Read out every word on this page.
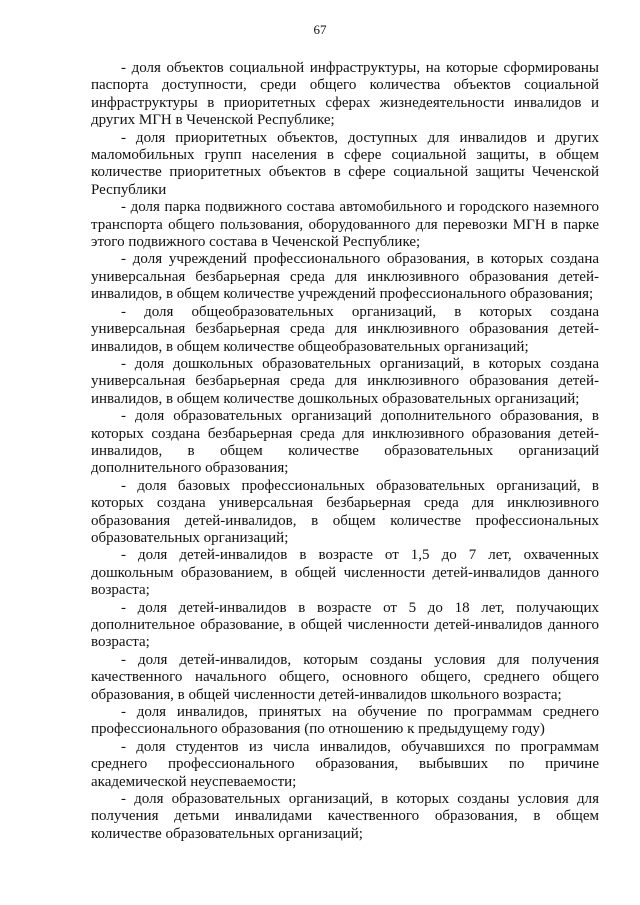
67

- доля объектов социальной инфраструктуры, на которые сформированы паспорта доступности, среди общего количества объектов социальной инфраструктуры в приоритетных сферах жизнедеятельности инвалидов и других МГН в Чеченской Республике;

- доля приоритетных объектов, доступных для инвалидов и других маломобильных групп населения в сфере социальной защиты, в общем количестве приоритетных объектов в сфере социальной защиты Чеченской Республики

- доля парка подвижного состава автомобильного и городского наземного транспорта общего пользования, оборудованного для перевозки МГН в парке этого подвижного состава в Чеченской Республике;

- доля учреждений профессионального образования, в которых создана универсальная безбарьерная среда для инклюзивного образования детей-инвалидов, в общем количестве учреждений профессионального образования;

- доля общеобразовательных организаций, в которых создана универсальная безбарьерная среда для инклюзивного образования детей-инвалидов, в общем количестве общеобразовательных организаций;

- доля дошкольных образовательных организаций, в которых создана универсальная безбарьерная среда для инклюзивного образования детей-инвалидов, в общем количестве дошкольных образовательных организаций;

- доля образовательных организаций дополнительного образования, в которых создана безбарьерная среда для инклюзивного образования детей-инвалидов, в общем количестве образовательных организаций дополнительного образования;

- доля базовых профессиональных образовательных организаций, в которых создана универсальная безбарьерная среда для инклюзивного образования детей-инвалидов, в общем количестве профессиональных образовательных организаций;

- доля детей-инвалидов в возрасте от 1,5 до 7 лет, охваченных дошкольным образованием, в общей численности детей-инвалидов данного возраста;

- доля детей-инвалидов в возрасте от 5 до 18 лет, получающих дополнительное образование, в общей численности детей-инвалидов данного возраста;

- доля детей-инвалидов, которым созданы условия для получения качественного начального общего, основного общего, среднего общего образования, в общей численности детей-инвалидов школьного возраста;

- доля инвалидов, принятых на обучение по программам среднего профессионального образования (по отношению к предыдущему году)

- доля студентов из числа инвалидов, обучавшихся по программам среднего профессионального образования, выбывших по причине академической неуспеваемости;

- доля образовательных организаций, в которых созданы условия для получения детьми инвалидами качественного образования, в общем количестве образовательных организаций;
